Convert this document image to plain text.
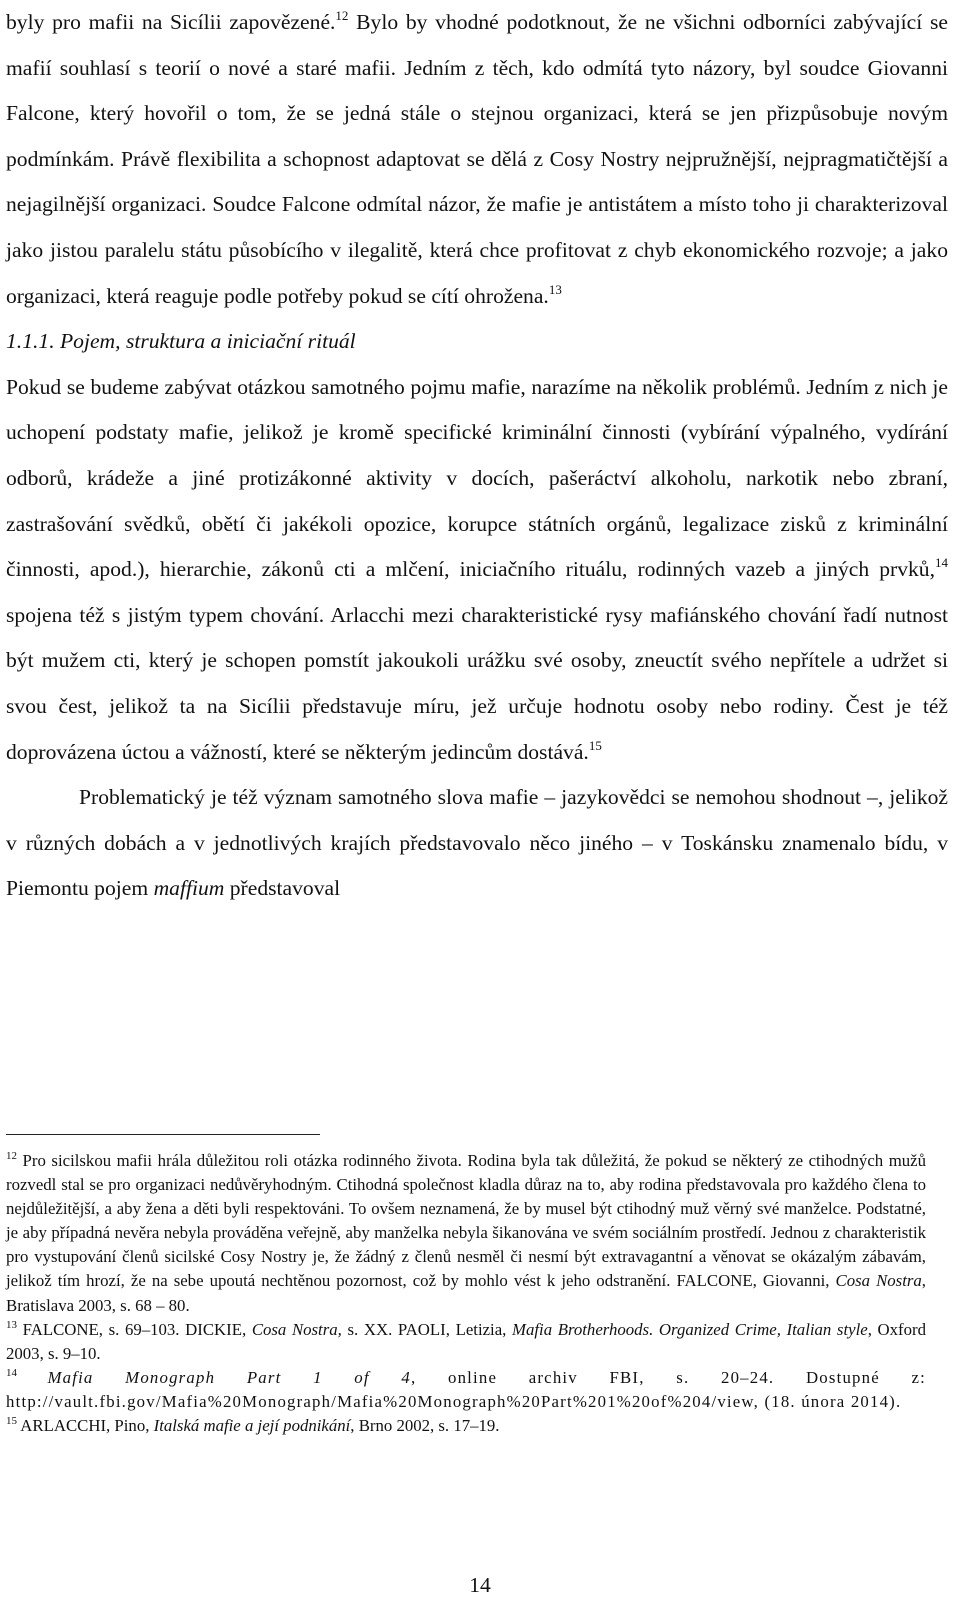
byly pro mafii na Sicílii zapovězené.$^{12}$ Bylo by vhodné podotknout, že ne všichni odborníci zabývající se mafií souhlasí s teorií o nové a staré mafii. Jedním z těch, kdo odmítá tyto názory, byl soudce Giovanni Falcone, který hovořil o tom, že se jedná stále o stejnou organizaci, která se jen přizpůsobuje novým podmínkám. Právě flexibilita a schopnost adaptovat se dělá z Cosy Nostry nejpružnější, nejpragmatičtější a nejagilnější organizaci. Soudce Falcone odmítal názor, že mafie je antistátem a místo toho ji charakterizoval jako jistou paralelu státu působícího v ilegalitě, která chce profitovat z chyb ekonomického rozvoje; a jako organizaci, která reaguje podle potřeby pokud se cítí ohrožena.$^{13}$

1.1.1. Pojem, struktura a iniciační rituál

Pokud se budeme zabývat otázkou samotného pojmu mafie, narazíme na několik problémů. Jedním z nich je uchopení podstaty mafie, jelikož je kromě specifické kriminální činnosti (vybírání výpalného, vydírání odborů, krádeže a jiné protizákonné aktivity v docích, pašeráctví alkoholu, narkotik nebo zbraní, zastrašování svědků, obětí či jakékoli opozice, korupce státních orgánů, legalizace zisků z kriminální činnosti, apod.), hierarchie, zákonů cti a mlčení, iniciačního rituálu, rodinných vazeb a jiných prvků,$^{14}$ spojena též s jistým typem chování. Arlacchi mezi charakteristické rysy mafiánského chování řadí nutnost být mužem cti, který je schopen pomstít jakoukoli urážku své osoby, zneuctít svého nepřítele a udržet si svou čest, jelikož ta na Sicílii představuje míru, jež určuje hodnotu osoby nebo rodiny. Čest je též doprovázena úctou a vážností, které se některým jedincům dostává.$^{15}$

Problematický je též význam samotného slova mafie – jazykovědci se nemohou shodnout –, jelikož v různých dobách a v jednotlivých krajích představovalo něco jiného – v Toskánsku znamenalo bídu, v Piemontu pojem maffium představoval

$^{12}$ Pro sicilskou mafii hrála důležitou roli otázka rodinného života. Rodina byla tak důležitá, že pokud se některý ze ctihodných mužů rozvedl stal se pro organizaci nedůvěryhodným. Ctihodná společnost kladla důraz na to, aby rodina představovala pro každého člena to nejdůležitější, a aby žena a děti byli respektováni. To ovšem neznamená, že by musel být ctihodný muž věrný své manželce. Podstatné, je aby případná nevěra nebyla prováděna veřejně, aby manželka nebyla šikanována ve svém sociálním prostředí. Jednou z charakteristik pro vystupování členů sicilské Cosy Nostry je, že žádný z členů nesměl či nesmí být extravagantní a věnovat se okázalým zábavám, jelikož tím hrozí, že na sebe upoutá nechtěnou pozornost, což by mohlo vést k jeho odstranění. FALCONE, Giovanni, Cosa Nostra, Bratislava 2003, s. 68 – 80.

$^{13}$ FALCONE, s. 69–103. DICKIE, Cosa Nostra, s. XX. PAOLI, Letizia, Mafia Brotherhoods. Organized Crime, Italian style, Oxford 2003, s. 9–10.

$^{14}$ Mafia Monograph Part 1 of 4, online archiv FBI, s. 20–24. Dostupné z: http://vault.fbi.gov/Mafia%20Monograph/Mafia%20Monograph%20Part%201%20of%204/view, (18. února 2014).

$^{15}$ ARLACCHI, Pino, Italská mafie a její podnikání, Brno 2002, s. 17–19.

14
